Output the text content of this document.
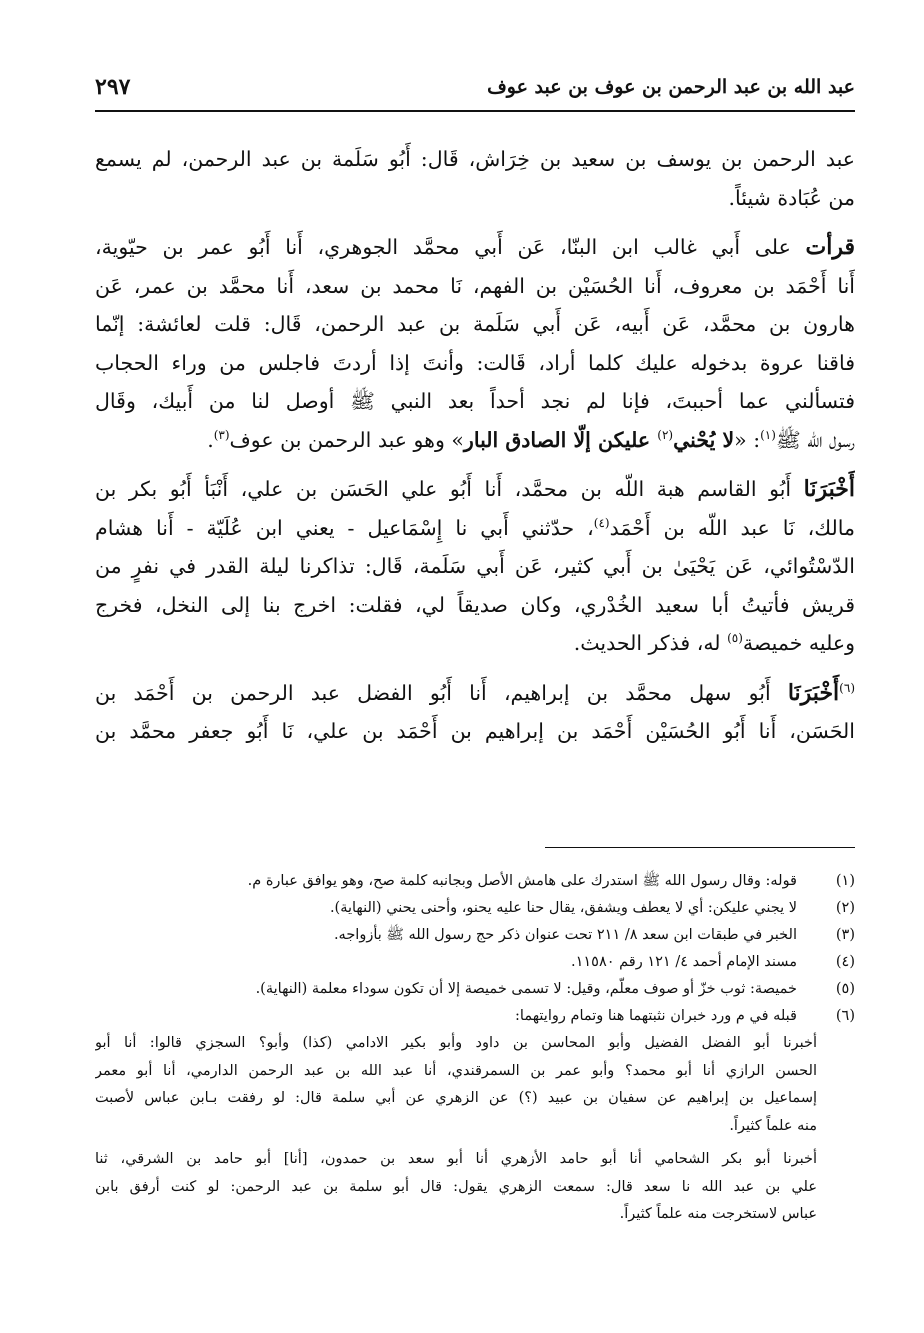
عبد الله بن عبد الرحمن بن عوف بن عبد عوف
٢٩٧
عبد الرحمن بن يوسف بن سعيد بن خِرَاش، قَال: أَبُو سَلَمة بن عبد الرحمن، لم يسمع
من عُبَادة شيئاً.
قرأت على أَبي غالب ابن البنّا، عَن أَبي محمَّد الجوهري، أَنا أَبُو عمر بن حيّوية،
أَنا أَحْمَد بن معروف، أَنا الحُسَيْن بن الفهم، نَا محمد بن سعد، أَنا محمَّد بن عمر، عَن
هارون بن محمَّد، عَن أَبيه، عَن أَبي سَلَمة بن عبد الرحمن، قَال: قلت لعائشة: إنّما
فاقنا عروة بدخوله عليك كلما أراد، قَالت: وأنتَ إذا أردتَ فاجلس من وراء الحجاب
فتسألني عما أحببتَ، فإنا لم نجد أحداً بعد النبي ﷺ أوصل لنا من أَبيك، وقَال
رسول الله ﷺ$^{(١)}$: «لا يُحْني$^{(٢)}$ عليكن إلّا الصادق البار» وهو عبد الرحمن بن عوف$^{(٣)}$.
أَخْبَرَنَا أَبُو القاسم هبة اللّه بن محمَّد، أَنا أَبُو علي الحَسَن بن علي، أَنْبَأ أَبُو بكر بن
مالك، نَا عبد اللّه بن أَحْمَد$^{(٤)}$، حدّثني أَبي نا إِسْمَاعيل - يعني ابن عُلَيّة - أَنا هشام
الدّسْتُوائي، عَن يَحْيَىٰ بن أَبي كثير، عَن أَبي سَلَمة، قَال: تذاكرنا ليلة القدر في نفرٍ من
قريش فأتيتُ أبا سعيد الخُدْري، وكان صديقاً لي، فقلت: اخرج بنا إلى النخل، فخرج
وعليه خميصة$^{(٥)}$ له، فذكر الحديث.
$^{(٦)}$أَخْبَرَنَا أَبُو سهل محمَّد بن إبراهيم، أَنا أَبُو الفضل عبد الرحمن بن أَحْمَد بن
الحَسَن، أَنا أَبُو الحُسَيْن أَحْمَد بن إبراهيم بن أَحْمَد بن علي، نَا أَبُو جعفر محمَّد بن
(١)
قوله: وقال رسول الله ﷺ استدرك على هامش الأصل وبجانبه كلمة صح، وهو يوافق عبارة م.
(٢)
لا يجني عليكن: أي لا يعطف ويشفق، يقال حنا عليه يحنو، وأحنى يحني (النهاية).
(٣)
الخبر في طبقات ابن سعد ٨/ ٢١١ تحت عنوان ذكر حج رسول الله ﷺ بأزواجه.
(٤)
مسند الإمام أحمد ٤/ ١٢١ رقم ١١٥٨٠.
(٥)
خميصة: ثوب خزّ أو صوف معلّم، وقيل: لا تسمى خميصة إلا أن تكون سوداء معلمة (النهاية).
(٦)
قبله في م ورد خبران نثبتهما هنا وتمام روايتهما:
أخبرنا أبو الفضل الفضيل وأبو المحاسن بن داود وأبو بكير الادامي (كذا) وأبو؟ السجزي قالوا: أنا أبو
الحسن الرازي أنا أبو محمد؟ وأبو عمر بن السمرقندي، أنا عبد الله بن عبد الرحمن الدارمي، أنا أبو معمر
إسماعيل بن إبراهيم عن سفيان بن عبيد (؟) عن الزهري عن أبي سلمة قال: لو رفقت بـابن عباس لأصبت
منه علماً كثيراً.
أخبرنا أبو بكر الشحامي أنا أبو حامد الأزهري أنا أبو سعد بن حمدون، [أنا] أبو حامد بن الشرقي، ثنا
علي بن عبد الله نا سعد قال: سمعت الزهري يقول: قال أبو سلمة بن عبد الرحمن: لو كنت أرفق بابن
عباس لاستخرجت منه علماً كثيراً.
